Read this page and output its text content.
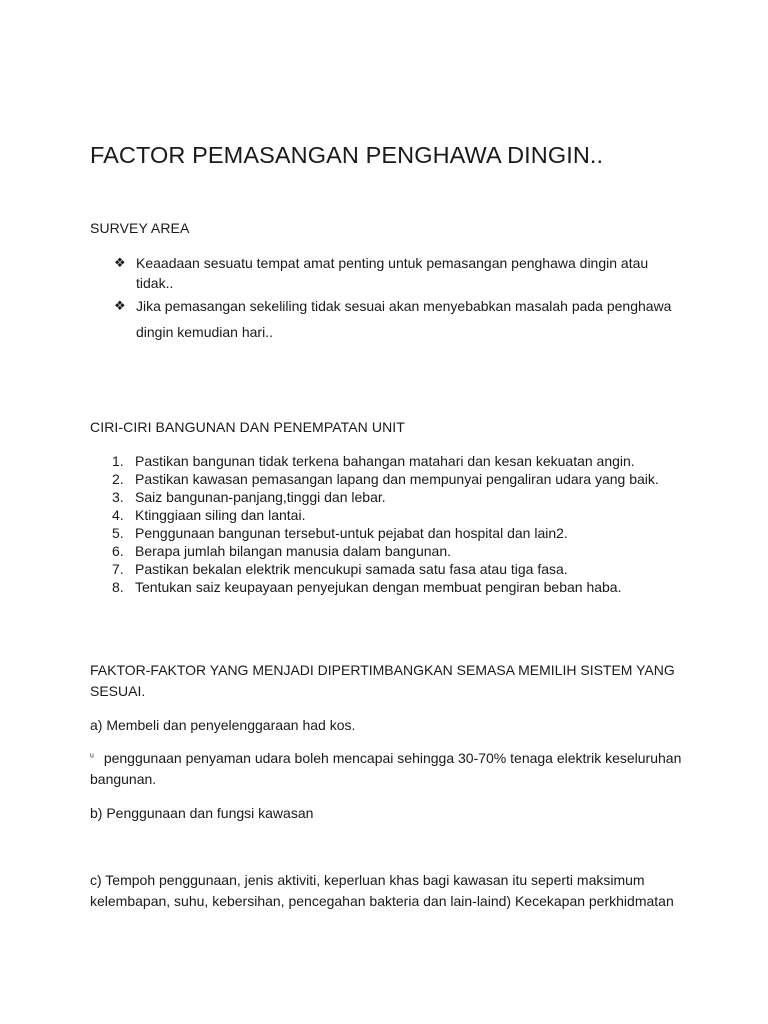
FACTOR PEMASANGAN PENGHAWA DINGIN..
SURVEY AREA
❖ Keaadaan sesuatu tempat amat penting untuk pemasangan penghawa dingin atau tidak..
❖ Jika pemasangan sekeliling tidak sesuai akan menyebabkan masalah pada penghawa dingin kemudian hari..
CIRI-CIRI BANGUNAN DAN PENEMPATAN UNIT
1. Pastikan bangunan tidak terkena bahangan matahari dan kesan kekuatan angin.
2. Pastikan kawasan pemasangan lapang dan mempunyai pengaliran udara yang baik.
3. Saiz bangunan-panjang,tinggi dan lebar.
4. Ktinggiaan siling dan lantai.
5. Penggunaan bangunan tersebut-untuk pejabat dan hospital dan lain2.
6. Berapa jumlah bilangan manusia dalam bangunan.
7. Pastikan bekalan elektrik mencukupi samada satu fasa atau tiga fasa.
8. Tentukan saiz keupayaan penyejukan dengan membuat pengiran beban haba.
FAKTOR-FAKTOR YANG MENJADI DIPERTIMBANGKAN SEMASA MEMILIH SISTEM YANG SESUAI.
a) Membeli dan penyelenggaraan had kos.
ᵘ penggunaan penyaman udara boleh mencapai sehingga 30-70% tenaga elektrik keseluruhan bangunan.
b) Penggunaan dan fungsi kawasan
c) Tempoh penggunaan, jenis aktiviti, keperluan khas bagi kawasan itu seperti maksimum kelembapan, suhu, kebersihan, pencegahan bakteria dan lain-laind) Kecekapan perkhidmatan
